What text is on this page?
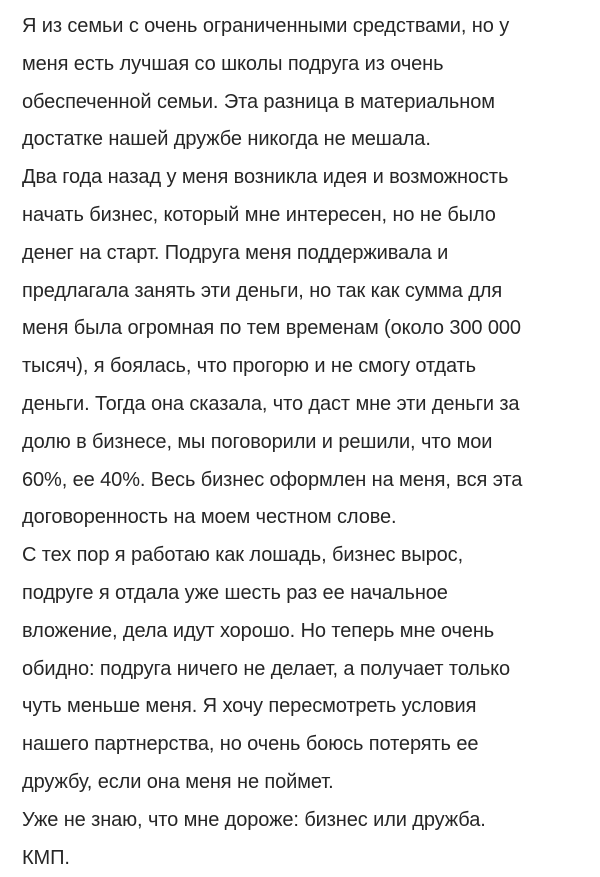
Я из семьи с очень ограниченными средствами, но у
меня есть лучшая со школы подруга из очень
обеспеченной семьи. Эта разница в материальном
достатке нашей дружбе никогда не мешала.
Два года назад у меня возникла идея и возможность
начать бизнес, который мне интересен, но не было
денег на старт. Подруга меня поддерживала и
предлагала занять эти деньги, но так как сумма для
меня была огромная по тем временам (около 300 000
тысяч), я боялась, что прогорю и не смогу отдать
деньги. Тогда она сказала, что даст мне эти деньги за
долю в бизнесе, мы поговорили и решили, что мои
60%, ее 40%. Весь бизнес оформлен на меня, вся эта
договоренность на моем честном слове.
С тех пор я работаю как лошадь, бизнес вырос,
подруге я отдала уже шесть раз ее начальное
вложение, дела идут хорошо. Но теперь мне очень
обидно: подруга ничего не делает, а получает только
чуть меньше меня. Я хочу пересмотреть условия
нашего партнерства, но очень боюсь потерять ее
дружбу, если она меня не поймет.
Уже не знаю, что мне дороже: бизнес или дружба.
КМП.
